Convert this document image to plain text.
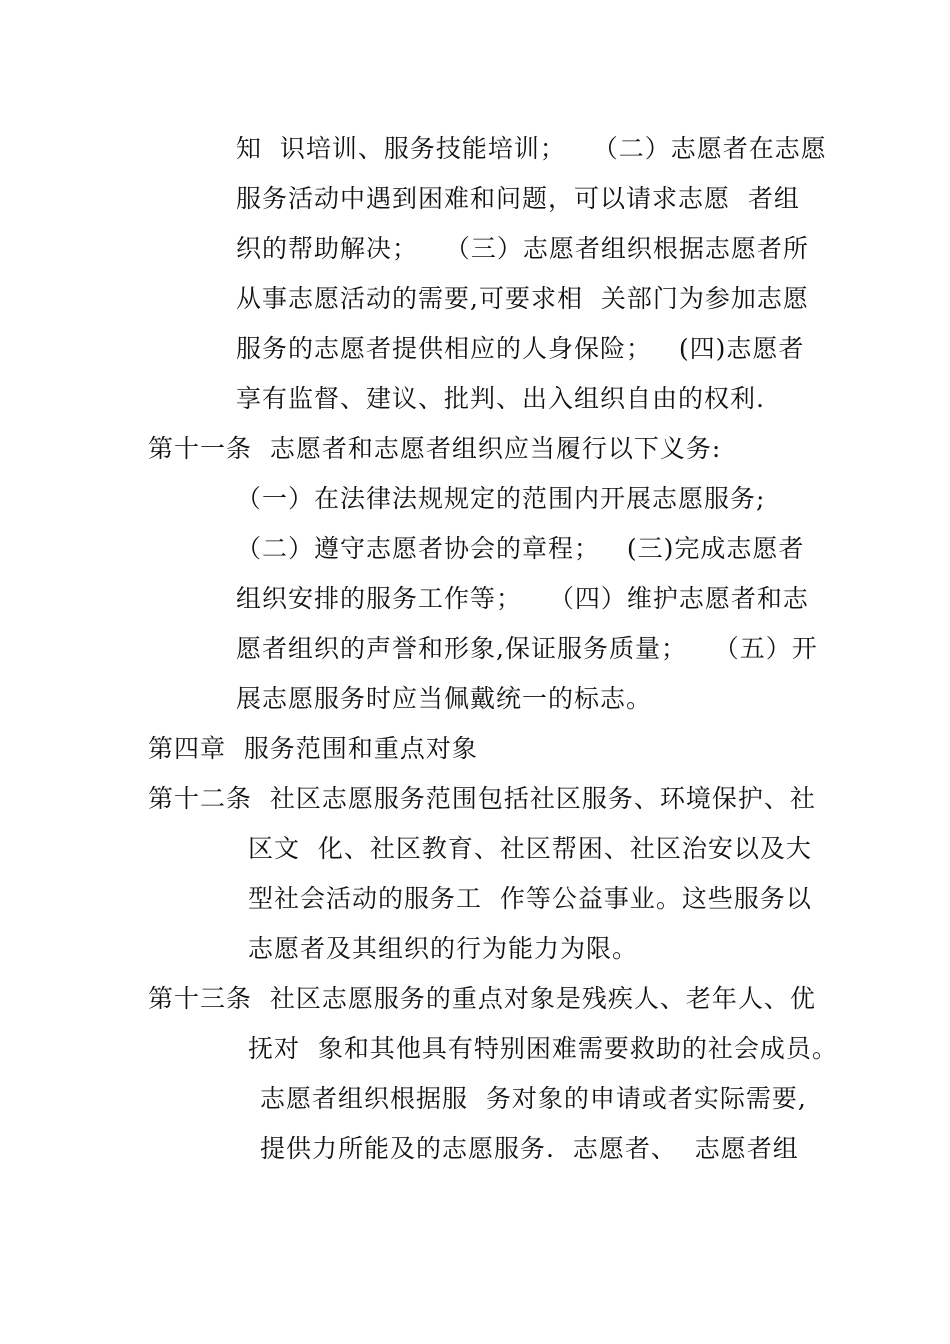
知  识培训、服务技能培训；   （二）志愿者在志愿
服务活动中遇到困难和问题，可以请求志愿  者组
织的帮助解决；   （三）志愿者组织根据志愿者所
从事志愿活动的需要,可要求相  关部门为参加志愿
服务的志愿者提供相应的人身保险；   (四)志愿者
享有监督、建议、批判、出入组织自由的权利.
第十一条  志愿者和志愿者组织应当履行以下义务:
（一）在法律法规规定的范围内开展志愿服务;
（二）遵守志愿者协会的章程；   (三)完成志愿者
组织安排的服务工作等；   （四）维护志愿者和志
愿者组织的声誉和形象,保证服务质量；   （五）开
展志愿服务时应当佩戴统一的标志。
第四章  服务范围和重点对象
第十二条  社区志愿服务范围包括社区服务、环境保护、社
区文  化、社区教育、社区帮困、社区治安以及大
型社会活动的服务工  作等公益事业。这些服务以
志愿者及其组织的行为能力为限。
第十三条  社区志愿服务的重点对象是残疾人、老年人、优
抚对  象和其他具有特别困难需要救助的社会成员。
志愿者组织根据服  务对象的申请或者实际需要,
提供力所能及的志愿服务.  志愿者、  志愿者组
